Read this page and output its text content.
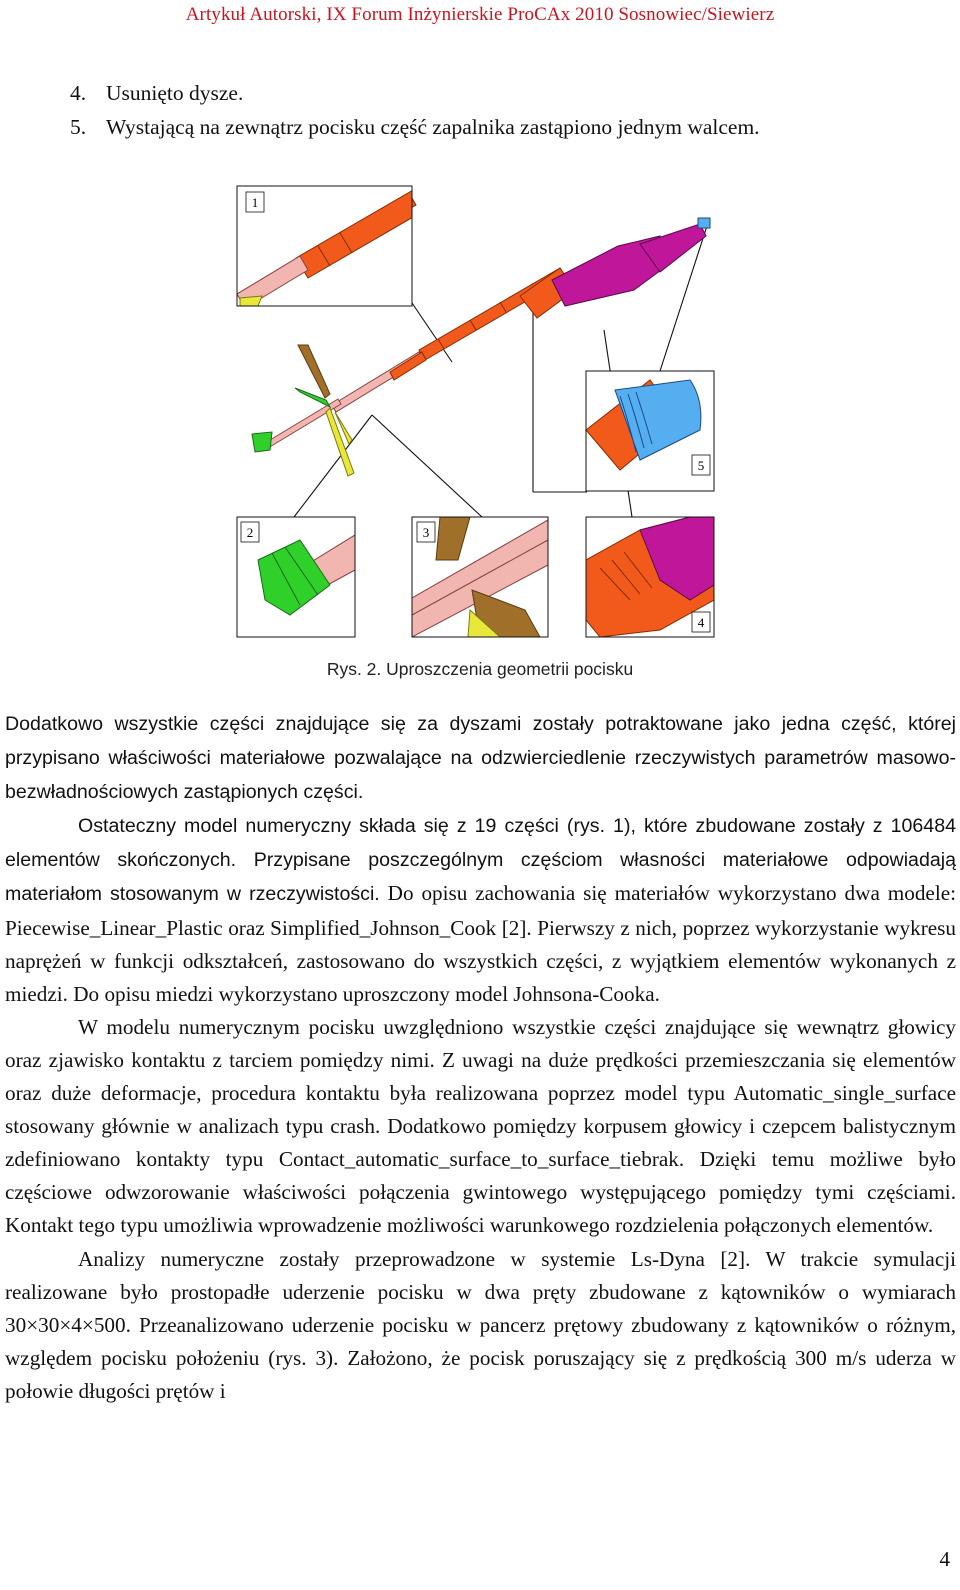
Artykuł Autorski, IX Forum Inżynierskie ProCAx 2010 Sosnowiec/Siewierz
4. Usunięto dysze.
5. Wystającą na zewnątrz pocisku część zapalnika zastąpiono jednym walcem.
1
5
2	3
4
Rys. 2. Uproszczenia geometrii pocisku

Dodatkowo wszystkie części znajdujące się za dyszami zostały potraktowane jako jedna część, której przypisano właściwości materiałowe pozwalające na odzwierciedlenie rzeczywistych parametrów masowo-bezwładnościowych zastąpionych części.

Ostateczny model numeryczny składa się z 19 części (rys. 1), które zbudowane zostały z 106484 elementów skończonych. Przypisane poszczególnym częściom własności materiałowe odpowiadają materiałom stosowanym w rzeczywistości. Do opisu zachowania się materiałów wykorzystano dwa modele: Piecewise_Linear_Plastic oraz Simplified_Johnson_Cook [2]. Pierwszy z nich, poprzez wykorzystanie wykresu naprężeń w funkcji odkształceń, zastosowano do wszystkich części, z wyjątkiem elementów wykonanych z miedzi. Do opisu miedzi wykorzystano uproszczony model Johnsona-Cooka.

W modelu numerycznym pocisku uwzględniono wszystkie części znajdujące się wewnątrz głowicy oraz zjawisko kontaktu z tarciem pomiędzy nimi. Z uwagi na duże prędkości przemieszczania się elementów oraz duże deformacje, procedura kontaktu była realizowana poprzez model typu Automatic_single_surface stosowany głównie w analizach typu crash. Dodatkowo pomiędzy korpusem głowicy i czepcem balistycznym zdefiniowano kontakty typu Contact_automatic_surface_to_surface_tiebrak. Dzięki temu możliwe było częściowe odwzorowanie właściwości połączenia gwintowego występującego pomiędzy tymi częściami. Kontakt tego typu umożliwia wprowadzenie możliwości warunkowego rozdzielenia połączonych elementów.

Analizy numeryczne zostały przeprowadzone w systemie Ls-Dyna [2]. W trakcie symulacji realizowane było prostopadłe uderzenie pocisku w dwa pręty zbudowane z kątowników o wymiarach 30×30×4×500. Przeanalizowano uderzenie pocisku w pancerz prętowy zbudowany z kątowników o różnym, względem pocisku położeniu (rys. 3). Założono, że pocisk poruszający się z prędkością 300 m/s uderza w połowie długości prętów i

4
